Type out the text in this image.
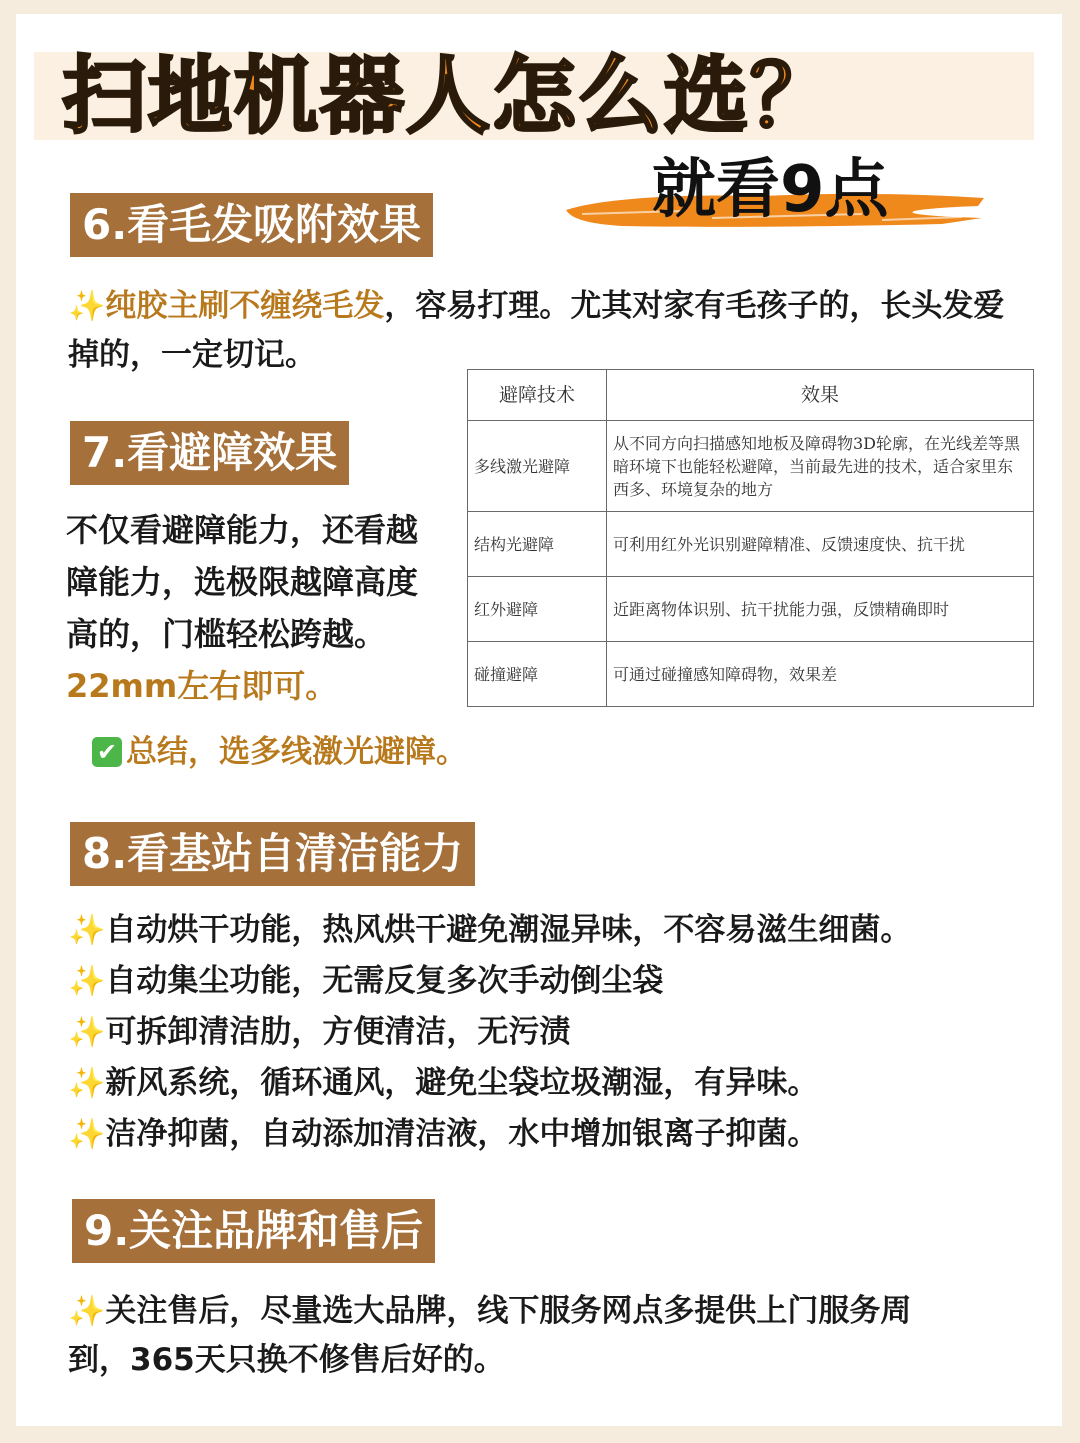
扫地机器人怎么选？
就看9点
6.看毛发吸附效果
✨纯胶主刷不缠绕毛发，容易打理。尤其对家有毛孩子的，长头发爱掉的，一定切记。
7.看避障效果
不仅看避障能力，还看越障能力，选极限越障高度高的，门槛轻松跨越。22mm左右即可。
✔ 总结，选多线激光避障。
避障技术	效果
多线激光避障	从不同方向扫描感知地板及障碍物3D轮廓，在光线差等黑暗环境下也能轻松避障，当前最先进的技术，适合家里东西多、环境复杂的地方
结构光避障	可利用红外光识别避障精准、反馈速度快、抗干扰
红外避障	近距离物体识别、抗干扰能力强，反馈精确即时
碰撞避障	可通过碰撞感知障碍物，效果差
8.看基站自清洁能力
✨自动烘干功能，热风烘干避免潮湿异味，不容易滋生细菌。
✨自动集尘功能，无需反复多次手动倒尘袋
✨可拆卸清洁肋，方便清洁，无污渍
✨新风系统，循环通风，避免尘袋垃圾潮湿，有异味。
✨洁净抑菌，自动添加清洁液，水中增加银离子抑菌。
9.关注品牌和售后
✨关注售后，尽量选大品牌，线下服务网点多提供上门服务周到，365天只换不修售后好的。
